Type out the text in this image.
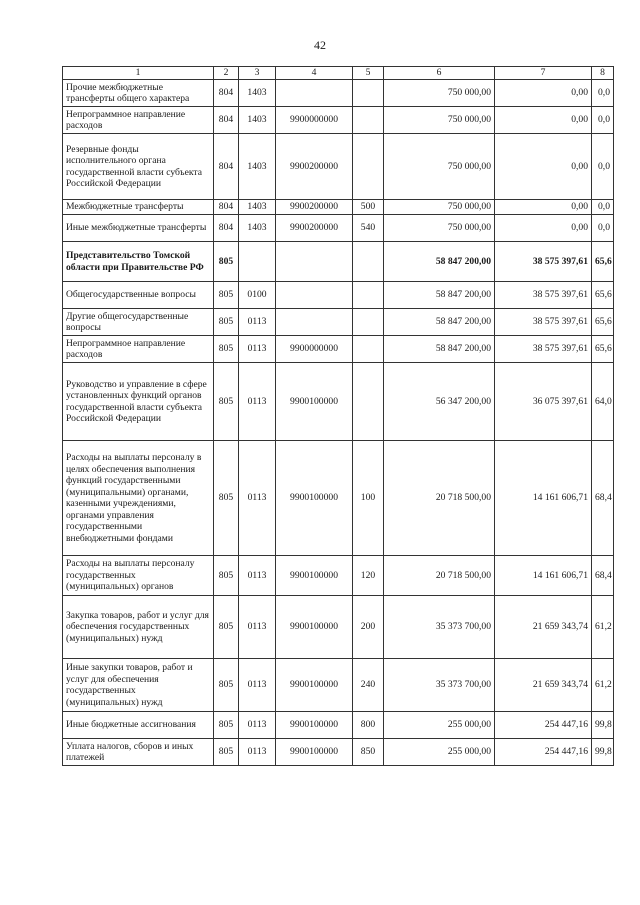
42
1	2	3	4	5	6	7	8
Прочие межбюджетные трансферты общего характера	804	1403			750 000,00	0,00	0,0
Непрограммное направление расходов	804	1403	9900000000		750 000,00	0,00	0,0
Резервные фонды исполнительного органа государственной власти субъекта Российской Федерации	804	1403	9900200000		750 000,00	0,00	0,0
Межбюджетные трансферты	804	1403	9900200000	500	750 000,00	0,00	0,0
Иные межбюджетные трансферты	804	1403	9900200000	540	750 000,00	0,00	0,0
Представительство Томской области при Правительстве РФ	805				58 847 200,00	38 575 397,61	65,6
Общегосударственные вопросы	805	0100			58 847 200,00	38 575 397,61	65,6
Другие общегосударственные вопросы	805	0113			58 847 200,00	38 575 397,61	65,6
Непрограммное направление расходов	805	0113	9900000000		58 847 200,00	38 575 397,61	65,6
Руководство и управление в сфере установленных функций органов государственной власти субъекта Российской Федерации	805	0113	9900100000		56 347 200,00	36 075 397,61	64,0
Расходы на выплаты персоналу в целях обеспечения выполнения функций государственными (муниципальными) органами, казенными учреждениями, органами управления государственными внебюджетными фондами	805	0113	9900100000	100	20 718 500,00	14 161 606,71	68,4
Расходы на выплаты персоналу государственных (муниципальных) органов	805	0113	9900100000	120	20 718 500,00	14 161 606,71	68,4
Закупка товаров, работ и услуг для обеспечения государственных (муниципальных) нужд	805	0113	9900100000	200	35 373 700,00	21 659 343,74	61,2
Иные закупки товаров, работ и услуг для обеспечения государственных (муниципальных) нужд	805	0113	9900100000	240	35 373 700,00	21 659 343,74	61,2
Иные бюджетные ассигнования	805	0113	9900100000	800	255 000,00	254 447,16	99,8
Уплата налогов, сборов и иных платежей	805	0113	9900100000	850	255 000,00	254 447,16	99,8
